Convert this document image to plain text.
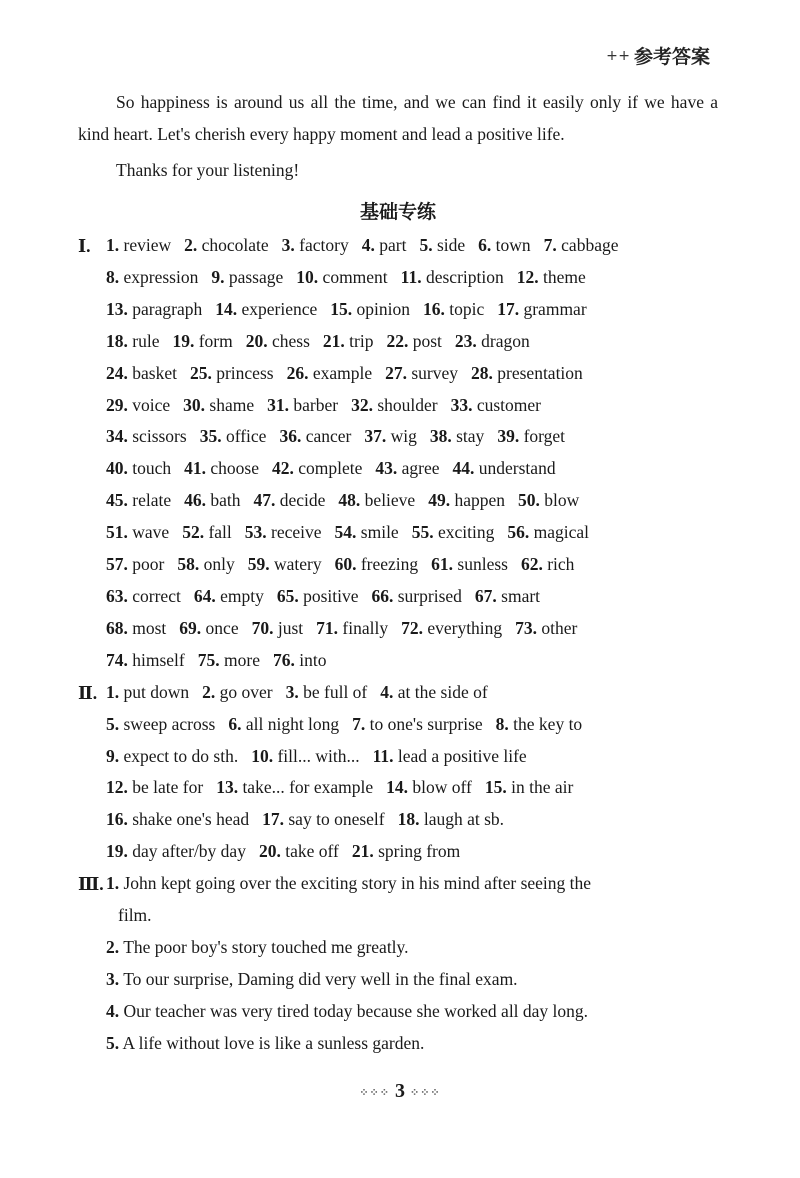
+ + 参考答案

So happiness is around us all the time, and we can find it easily only if we have a kind heart. Let's cherish every happy moment and lead a positive life.

Thanks for your listening!

基础专练
Ⅰ. 1. review 2. chocolate 3. factory 4. part 5. side 6. town 7. cabbage
8. expression 9. passage 10. comment 11. description 12. theme
13. paragraph 14. experience 15. opinion 16. topic 17. grammar
18. rule 19. form 20. chess 21. trip 22. post 23. dragon
24. basket 25. princess 26. example 27. survey 28. presentation
29. voice 30. shame 31. barber 32. shoulder 33. customer
34. scissors 35. office 36. cancer 37. wig 38. stay 39. forget
40. touch 41. choose 42. complete 43. agree 44. understand
45. relate 46. bath 47. decide 48. believe 49. happen 50. blow
51. wave 52. fall 53. receive 54. smile 55. exciting 56. magical
57. poor 58. only 59. watery 60. freezing 61. sunless 62. rich
63. correct 64. empty 65. positive 66. surprised 67. smart
68. most 69. once 70. just 71. finally 72. everything 73. other
74. himself 75. more 76. into
Ⅱ. 1. put down 2. go over 3. be full of 4. at the side of
5. sweep across 6. all night long 7. to one's surprise 8. the key to
9. expect to do sth. 10. fill... with... 11. lead a positive life
12. be late for 13. take... for example 14. blow off 15. in the air
16. shake one's head 17. say to oneself 18. laugh at sb.
19. day after/by day 20. take off 21. spring from
Ⅲ. 1. John kept going over the exciting story in his mind after seeing the
film.
2. The poor boy's story touched me greatly.
3. To our surprise, Daming did very well in the final exam.
4. Our teacher was very tired today because she worked all day long.
5. A life without love is like a sunless garden.
⁘⁘⁘ 3 ⁘⁘⁘
